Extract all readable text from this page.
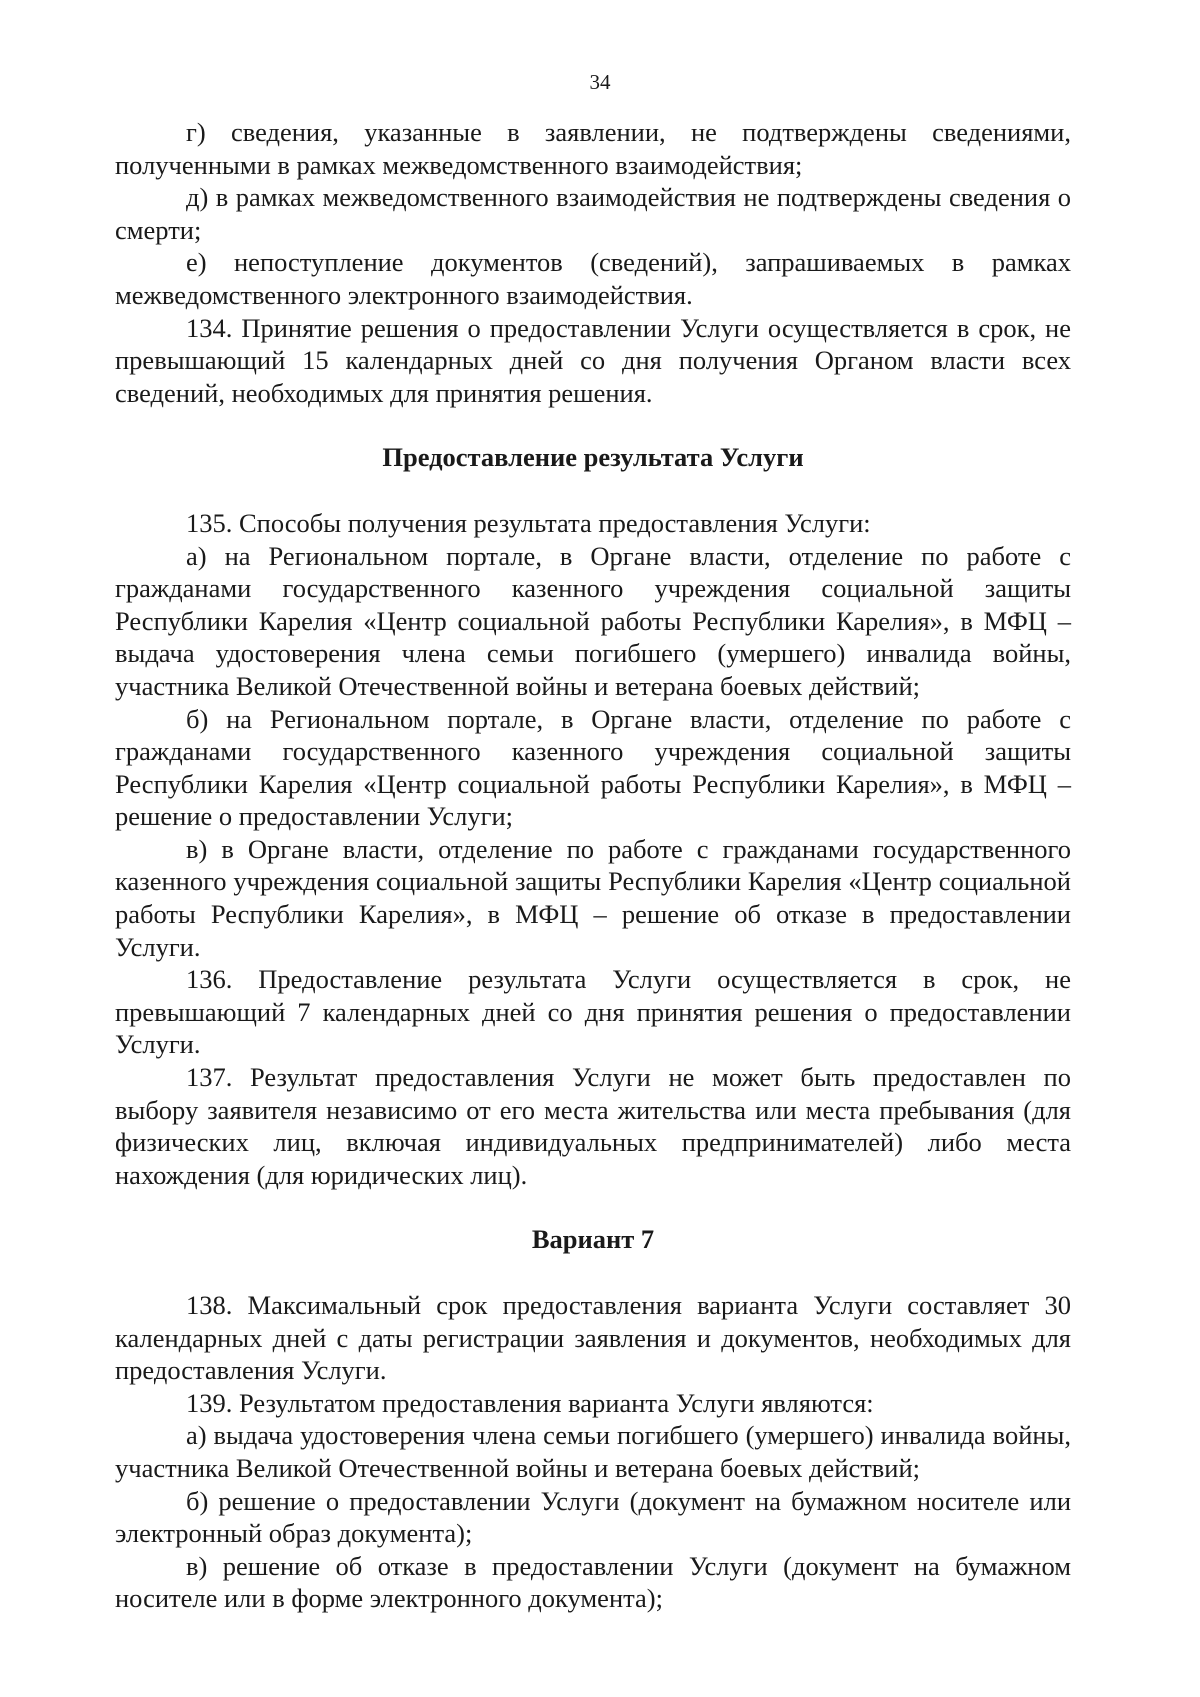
34

г) сведения, указанные в заявлении, не подтверждены сведениями, полученными в рамках межведомственного взаимодействия;

д) в рамках межведомственного взаимодействия не подтверждены сведения о смерти;

е) непоступление документов (сведений), запрашиваемых в рамках межведомственного электронного взаимодействия.

134. Принятие решения о предоставлении Услуги осуществляется в срок, не превышающий 15 календарных дней со дня получения Органом власти всех сведений, необходимых для принятия решения.

Предоставление результата Услуги

135. Способы получения результата предоставления Услуги:

а) на Региональном портале, в Органе власти, отделение по работе с гражданами государственного казенного учреждения социальной защиты Республики Карелия «Центр социальной работы Республики Карелия», в МФЦ – выдача удостоверения члена семьи погибшего (умершего) инвалида войны, участника Великой Отечественной войны и ветерана боевых действий;

б) на Региональном портале, в Органе власти, отделение по работе с гражданами государственного казенного учреждения социальной защиты Республики Карелия «Центр социальной работы Республики Карелия», в МФЦ – решение о предоставлении Услуги;

в) в Органе власти, отделение по работе с гражданами государственного казенного учреждения социальной защиты Республики Карелия «Центр социальной работы Республики Карелия», в МФЦ – решение об отказе в предоставлении Услуги.

136. Предоставление результата Услуги осуществляется в срок, не превышающий 7 календарных дней со дня принятия решения о предоставлении Услуги.

137. Результат предоставления Услуги не может быть предоставлен по выбору заявителя независимо от его места жительства или места пребывания (для физических лиц, включая индивидуальных предпринимателей) либо места нахождения (для юридических лиц).

Вариант 7

138. Максимальный срок предоставления варианта Услуги составляет 30 календарных дней с даты регистрации заявления и документов, необходимых для предоставления Услуги.

139. Результатом предоставления варианта Услуги являются:

а) выдача удостоверения члена семьи погибшего (умершего) инвалида войны, участника Великой Отечественной войны и ветерана боевых действий;

б) решение о предоставлении Услуги (документ на бумажном носителе или электронный образ документа);

в) решение об отказе в предоставлении Услуги (документ на бумажном носителе или в форме электронного документа);
